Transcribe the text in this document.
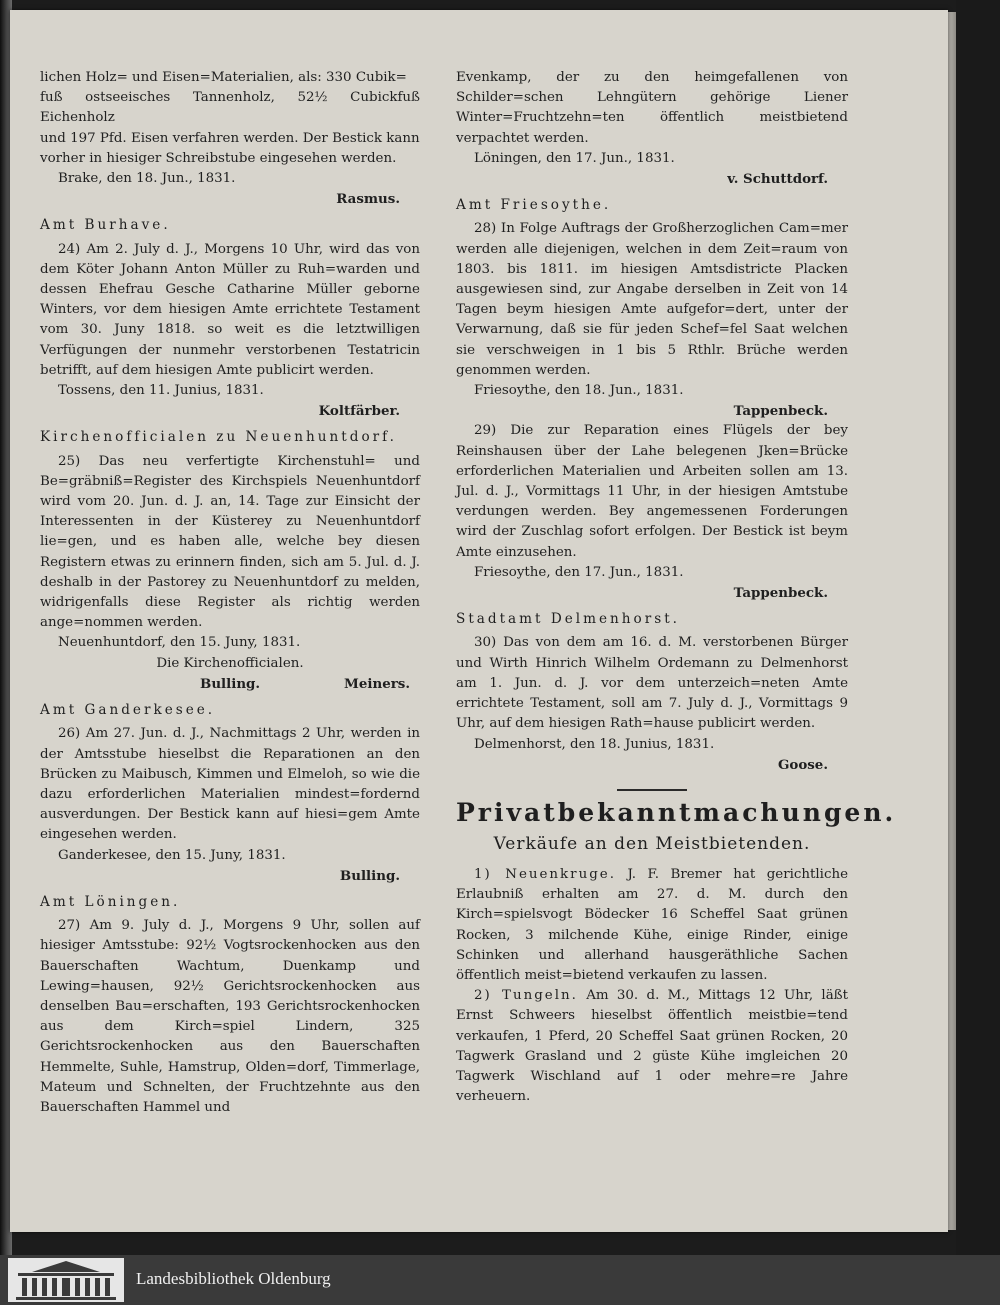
lichen Holz= und Eisen=Materialien, als: 330 Cubik=

fuß ostseeisches Tannenholz, 52½ Cubickfuß Eichenholz

und 197 Pfd. Eisen verfahren werden. Der Bestick kann

vorher in hiesiger Schreibstube eingesehen werden.

Brake, den 18. Jun., 1831.

Rasmus.

Amt Burhave.

24) Am 2. July d. J., Morgens 10 Uhr, wird das von dem Köter Johann Anton Müller zu Ruh=warden und dessen Ehefrau Gesche Catharine Müller geborne Winters, vor dem hiesigen Amte errichtete Testament vom 30. Juny 1818. so weit es die letztwilligen Verfügungen der nunmehr verstorbenen Testatricin betrifft, auf dem hiesigen Amte publicirt werden.

Tossens, den 11. Junius, 1831.

Koltfärber.

Kirchenofficialen zu Neuenhuntdorf.

25) Das neu verfertigte Kirchenstuhl= und Be=gräbniß=Register des Kirchspiels Neuenhuntdorf wird vom 20. Jun. d. J. an, 14. Tage zur Einsicht der Interessenten in der Küsterey zu Neuenhuntdorf lie=gen, und es haben alle, welche bey diesen Registern etwas zu erinnern finden, sich am 5. Jul. d. J. deshalb in der Pastorey zu Neuenhuntdorf zu melden, widrigenfalls diese Register als richtig werden ange=nommen werden.

Neuenhuntdorf, den 15. Juny, 1831.

Die Kirchenofficialen.

Bulling.	Meiners.

Amt Ganderkesee.

26) Am 27. Jun. d. J., Nachmittags 2 Uhr, werden in der Amtsstube hieselbst die Reparationen an den Brücken zu Maibusch, Kimmen und Elmeloh, so wie die dazu erforderlichen Materialien mindest=fordernd ausverdungen. Der Bestick kann auf hiesi=gem Amte eingesehen werden.

Ganderkesee, den 15. Juny, 1831.

Bulling.

Amt Löningen.

27) Am 9. July d. J., Morgens 9 Uhr, sollen auf hiesiger Amtsstube: 92½ Vogtsrockenhocken aus den Bauerschaften Wachtum, Duenkamp und Lewing=hausen, 92½ Gerichtsrockenhocken aus denselben Bau=erschaften, 193 Gerichtsrockenhocken aus dem Kirch=spiel Lindern, 325 Gerichtsrockenhocken aus den Bauerschaften Hemmelte, Suhle, Hamstrup, Olden=dorf, Timmerlage, Mateum und Schnelten, der Fruchtzehnte aus den Bauerschaften Hammel und

Evenkamp, der zu den heimgefallenen von Schilder=schen Lehngütern gehörige Liener Winter=Fruchtzehn=ten öffentlich meistbietend verpachtet werden.

Löningen, den 17. Jun., 1831.

v. Schuttdorf.

Amt Friesoythe.

28) In Folge Auftrags der Großherzoglichen Cam=mer werden alle diejenigen, welchen in dem Zeit=raum von 1803. bis 1811. im hiesigen Amtsdistricte Placken ausgewiesen sind, zur Angabe derselben in Zeit von 14 Tagen beym hiesigen Amte aufgefor=dert, unter der Verwarnung, daß sie für jeden Schef=fel Saat welchen sie verschweigen in 1 bis 5 Rthlr. Brüche werden genommen werden.

Friesoythe, den 18. Jun., 1831.

Tappenbeck.

29) Die zur Reparation eines Flügels der bey Reinshausen über der Lahe belegenen Jken=Brücke erforderlichen Materialien und Arbeiten sollen am 13. Jul. d. J., Vormittags 11 Uhr, in der hiesigen Amtstube verdungen werden. Bey angemessenen Forderungen wird der Zuschlag sofort erfolgen. Der Bestick ist beym Amte einzusehen.

Friesoythe, den 17. Jun., 1831.

Tappenbeck.

Stadtamt Delmenhorst.

30) Das von dem am 16. d. M. verstorbenen Bürger und Wirth Hinrich Wilhelm Ordemann zu Delmenhorst am 1. Jun. d. J. vor dem unterzeich=neten Amte errichtete Testament, soll am 7. July d. J., Vormittags 9 Uhr, auf dem hiesigen Rath=hause publicirt werden.

Delmenhorst, den 18. Junius, 1831.

Goose.

Privatbekanntmachungen.

Verkäufe an den Meistbietenden.

1) Neuenkruge. J. F. Bremer hat gerichtliche Erlaubniß erhalten am 27. d. M. durch den Kirch=spielsvogt Bödecker 16 Scheffel Saat grünen Rocken, 3 milchende Kühe, einige Rinder, einige Schinken und allerhand hausgeräthliche Sachen öffentlich meist=bietend verkaufen zu lassen.

2) Tungeln. Am 30. d. M., Mittags 12 Uhr, läßt Ernst Schweers hieselbst öffentlich meistbie=tend verkaufen, 1 Pferd, 20 Scheffel Saat grünen Rocken, 20 Tagwerk Grasland und 2 güste Kühe imgleichen 20 Tagwerk Wischland auf 1 oder mehre=re Jahre verheuern.

Landesbibliothek Oldenburg
